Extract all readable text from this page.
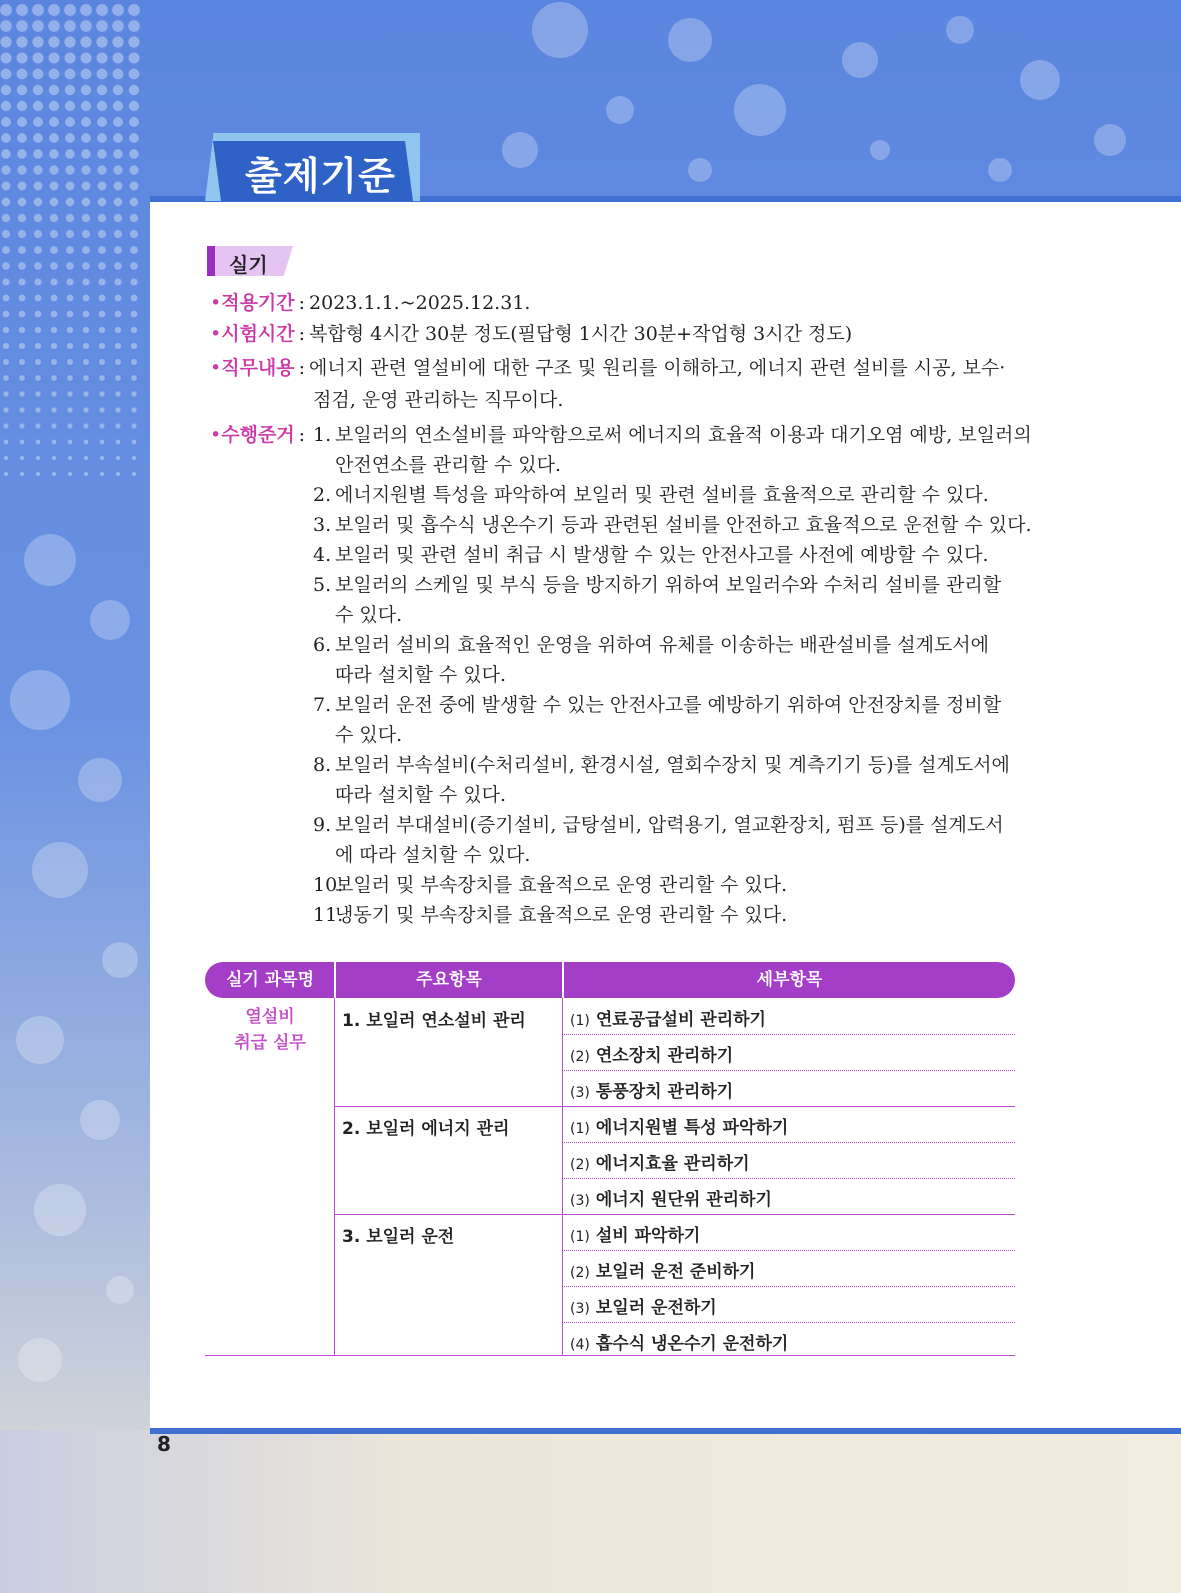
출제기준
실기
•적용기간 : 2023.1.1.~2025.12.31.
•시험시간 : 복합형 4시간 30분 정도(필답형 1시간 30분+작업형 3시간 정도)
•직무내용 : 에너지 관련 열설비에 대한 구조 및 원리를 이해하고, 에너지 관련 설비를 시공, 보수·
점검, 운영 관리하는 직무이다.
•수행준거 : 1. 보일러의 연소설비를 파악함으로써 에너지의 효율적 이용과 대기오염 예방, 보일러의
안전연소를 관리할 수 있다.
2. 에너지원별 특성을 파악하여 보일러 및 관련 설비를 효율적으로 관리할 수 있다.
3. 보일러 및 흡수식 냉온수기 등과 관련된 설비를 안전하고 효율적으로 운전할 수 있다.
4. 보일러 및 관련 설비 취급 시 발생할 수 있는 안전사고를 사전에 예방할 수 있다.
5. 보일러의 스케일 및 부식 등을 방지하기 위하여 보일러수와 수처리 설비를 관리할
수 있다.
6. 보일러 설비의 효율적인 운영을 위하여 유체를 이송하는 배관설비를 설계도서에
따라 설치할 수 있다.
7. 보일러 운전 중에 발생할 수 있는 안전사고를 예방하기 위하여 안전장치를 정비할
수 있다.
8. 보일러 부속설비(수처리설비, 환경시설, 열회수장치 및 계측기기 등)를 설계도서에
따라 설치할 수 있다.
9. 보일러 부대설비(증기설비, 급탕설비, 압력용기, 열교환장치, 펌프 등)를 설계도서
에 따라 설치할 수 있다.
10.보일러 및 부속장치를 효율적으로 운영 관리할 수 있다.
11.냉동기 및 부속장치를 효율적으로 운영 관리할 수 있다.
실기 과목명	주요항목	세부항목
열설비
취급 실무
1. 보일러 연소설비 관리	(1) 연료공급설비 관리하기
(2) 연소장치 관리하기
(3) 통풍장치 관리하기
2. 보일러 에너지 관리	(1) 에너지원별 특성 파악하기
(2) 에너지효율 관리하기
(3) 에너지 원단위 관리하기
3. 보일러 운전	(1) 설비 파악하기
(2) 보일러 운전 준비하기
(3) 보일러 운전하기
(4) 흡수식 냉온수기 운전하기
8
